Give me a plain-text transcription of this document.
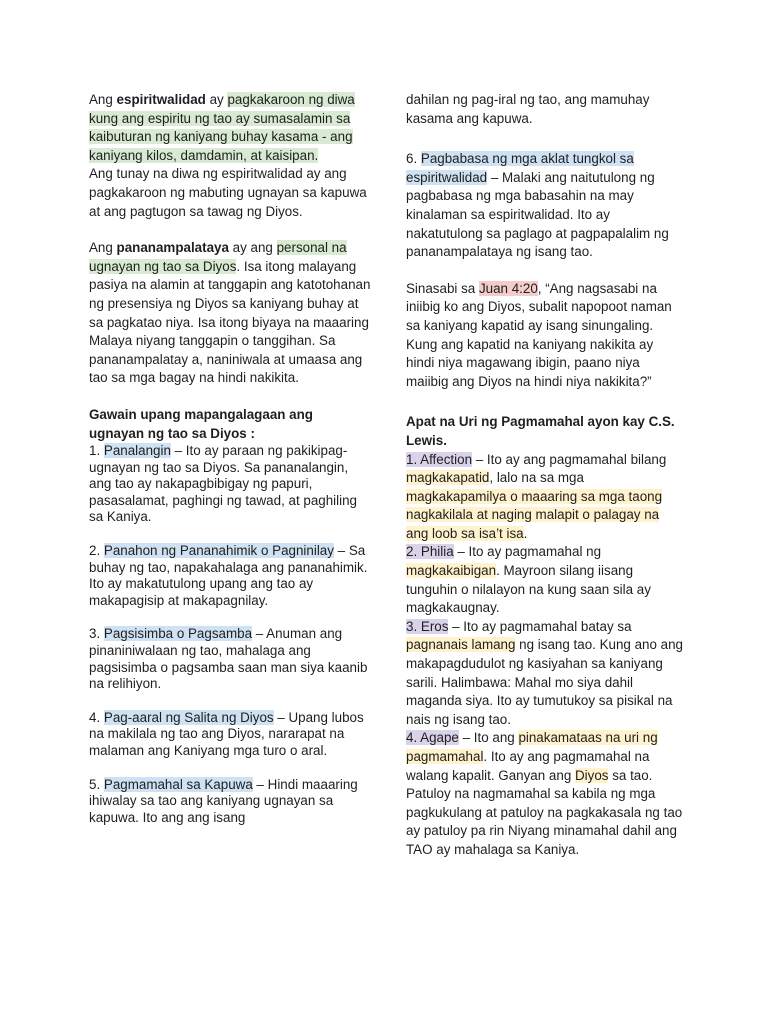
Ang espiritwalidad ay pagkakaroon ng diwa kung ang espiritu ng tao ay sumasalamin sa kaibuturan ng kaniyang buhay kasama - ang kaniyang kilos, damdamin, at kaisipan.
Ang tunay na diwa ng espiritwalidad ay ang pagkakaroon ng mabuting ugnayan sa kapuwa at ang pagtugon sa tawag ng Diyos.

Ang pananampalataya ay ang personal na ugnayan ng tao sa Diyos. Isa itong malayang pasiya na alamin at tanggapin ang katotohanan ng presensiya ng Diyos sa kaniyang buhay at sa pagkatao niya. Isa itong biyaya na maaaring Malaya niyang tanggapin o tanggihan. Sa pananampalatay a, naniniwala at umaasa ang tao sa mga bagay na hindi nakikita.

Gawain upang mapangalagaan ang ugnayan ng tao sa Diyos :

1. Panalangin – Ito ay paraan ng pakikipag-ugnayan ng tao sa Diyos. Sa pananalangin, ang tao ay nakapagbibigay ng papuri, pasasalamat, paghingi ng tawad, at paghiling sa Kaniya.

2. Panahon ng Pananahimik o Pagninilay – Sa buhay ng tao, napakahalaga ang pananahimik. Ito ay makatutulong upang ang tao ay makapagisip at makapagnilay.

3. Pagsisimba o Pagsamba – Anuman ang pinaniniwalaan ng tao, mahalaga ang pagsisimba o pagsamba saan man siya kaanib na relihiyon.

4. Pag-aaral ng Salita ng Diyos – Upang lubos na makilala ng tao ang Diyos, nararapat na malaman ang Kaniyang mga turo o aral.

5. Pagmamahal sa Kapuwa – Hindi maaaring ihiwalay sa tao ang kaniyang ugnayan sa kapuwa. Ito ang ang isang

dahilan ng pag-iral ng tao, ang mamuhay kasama ang kapuwa.

6. Pagbabasa ng mga aklat tungkol sa espiritwalidad – Malaki ang naitutulong ng pagbabasa ng mga babasahin na may kinalaman sa espiritwalidad. Ito ay nakatutulong sa paglago at pagpapalalim ng pananampalataya ng isang tao.

Sinasabi sa Juan 4:20, “Ang nagsasabi na iniibig ko ang Diyos, subalit napopoot naman sa kaniyang kapatid ay isang sinungaling. Kung ang kapatid na kaniyang nakikita ay hindi niya magawang ibigin, paano niya maiibig ang Diyos na hindi niya nakikita?”

Apat na Uri ng Pagmamahal ayon kay C.S. Lewis.

1. Affection – Ito ay ang pagmamahal bilang magkakapatid, lalo na sa mga magkakapamilya o maaaring sa mga taong nagkakilala at naging malapit o palagay na ang loob sa isa’t isa.

2. Philia – Ito ay pagmamahal ng magkakaibigan. Mayroon silang iisang tunguhin o nilalayon na kung saan sila ay magkakaugnay.

3. Eros – Ito ay pagmamahal batay sa pagnanais lamang ng isang tao. Kung ano ang makapagdudulot ng kasiyahan sa kaniyang sarili. Halimbawa: Mahal mo siya dahil maganda siya. Ito ay tumutukoy sa pisikal na nais ng isang tao.

4. Agape – Ito ang pinakamataas na uri ng pagmamahal. Ito ay ang pagmamahal na walang kapalit. Ganyan ang Diyos sa tao. Patuloy na nagmamahal sa kabila ng mga pagkukulang at patuloy na pagkakasala ng tao ay patuloy pa rin Niyang minamahal dahil ang TAO ay mahalaga sa Kaniya.
